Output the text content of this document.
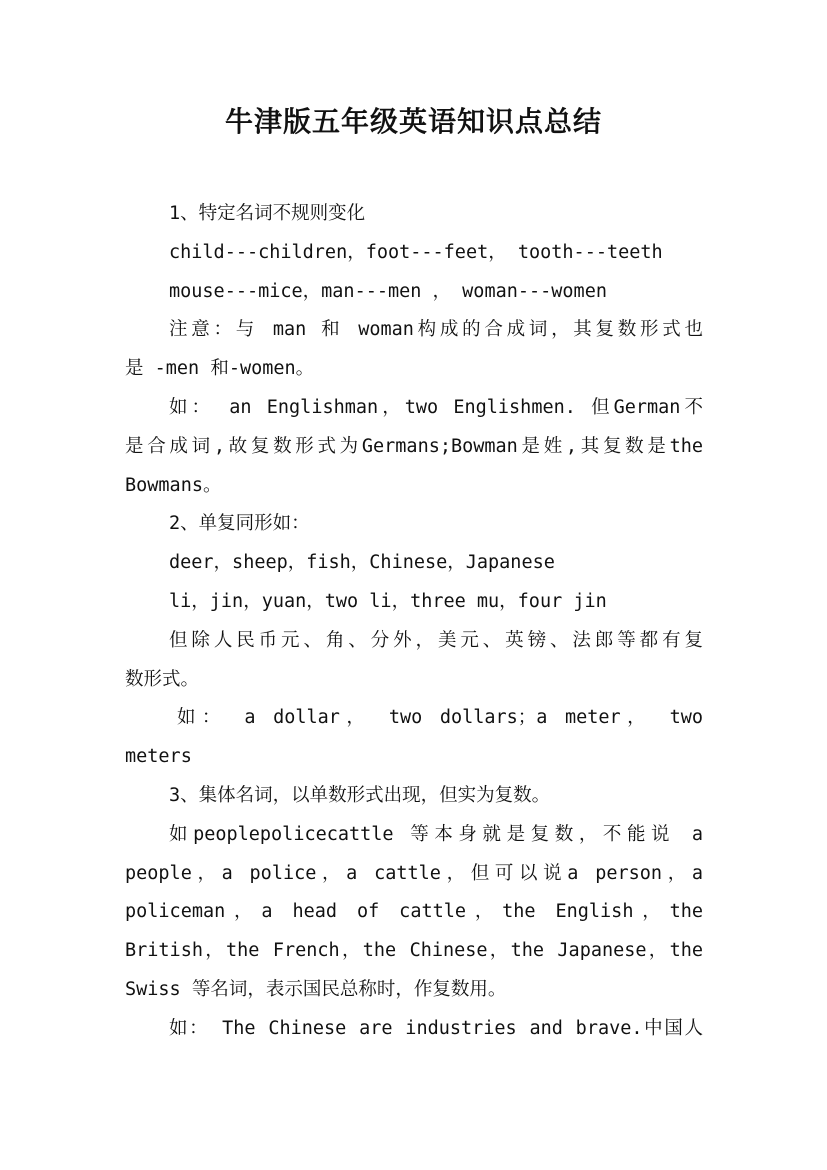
牛津版五年级英语知识点总结
1、特定名词不规则变化
child---children，foot---feet， tooth---teeth
mouse---mice，man---men ， woman---women
注意：与 man 和 woman构成的合成词，其复数形式也
是 -men 和-women。
如： an Englishman，two Englishmen. 但German不
是合成词,故复数形式为Germans;Bowman是姓,其复数是the
Bowmans。
2、单复同形如：
deer，sheep，fish，Chinese，Japanese
li，jin，yuan，two li，three mu，four jin
但除人民币元、角、分外，美元、英镑、法郎等都有复
数形式。
如： a dollar， two dollars；a meter， two
meters
3、集体名词，以单数形式出现，但实为复数。
如peoplepolicecattle 等本身就是复数，不能说 a
people，a police，a cattle，但可以说a person，a
policeman，a head of cattle，the English，the
British，the French，the Chinese，the Japanese，the
Swiss 等名词，表示国民总称时，作复数用。
如： The Chinese are industries and brave.中国人
